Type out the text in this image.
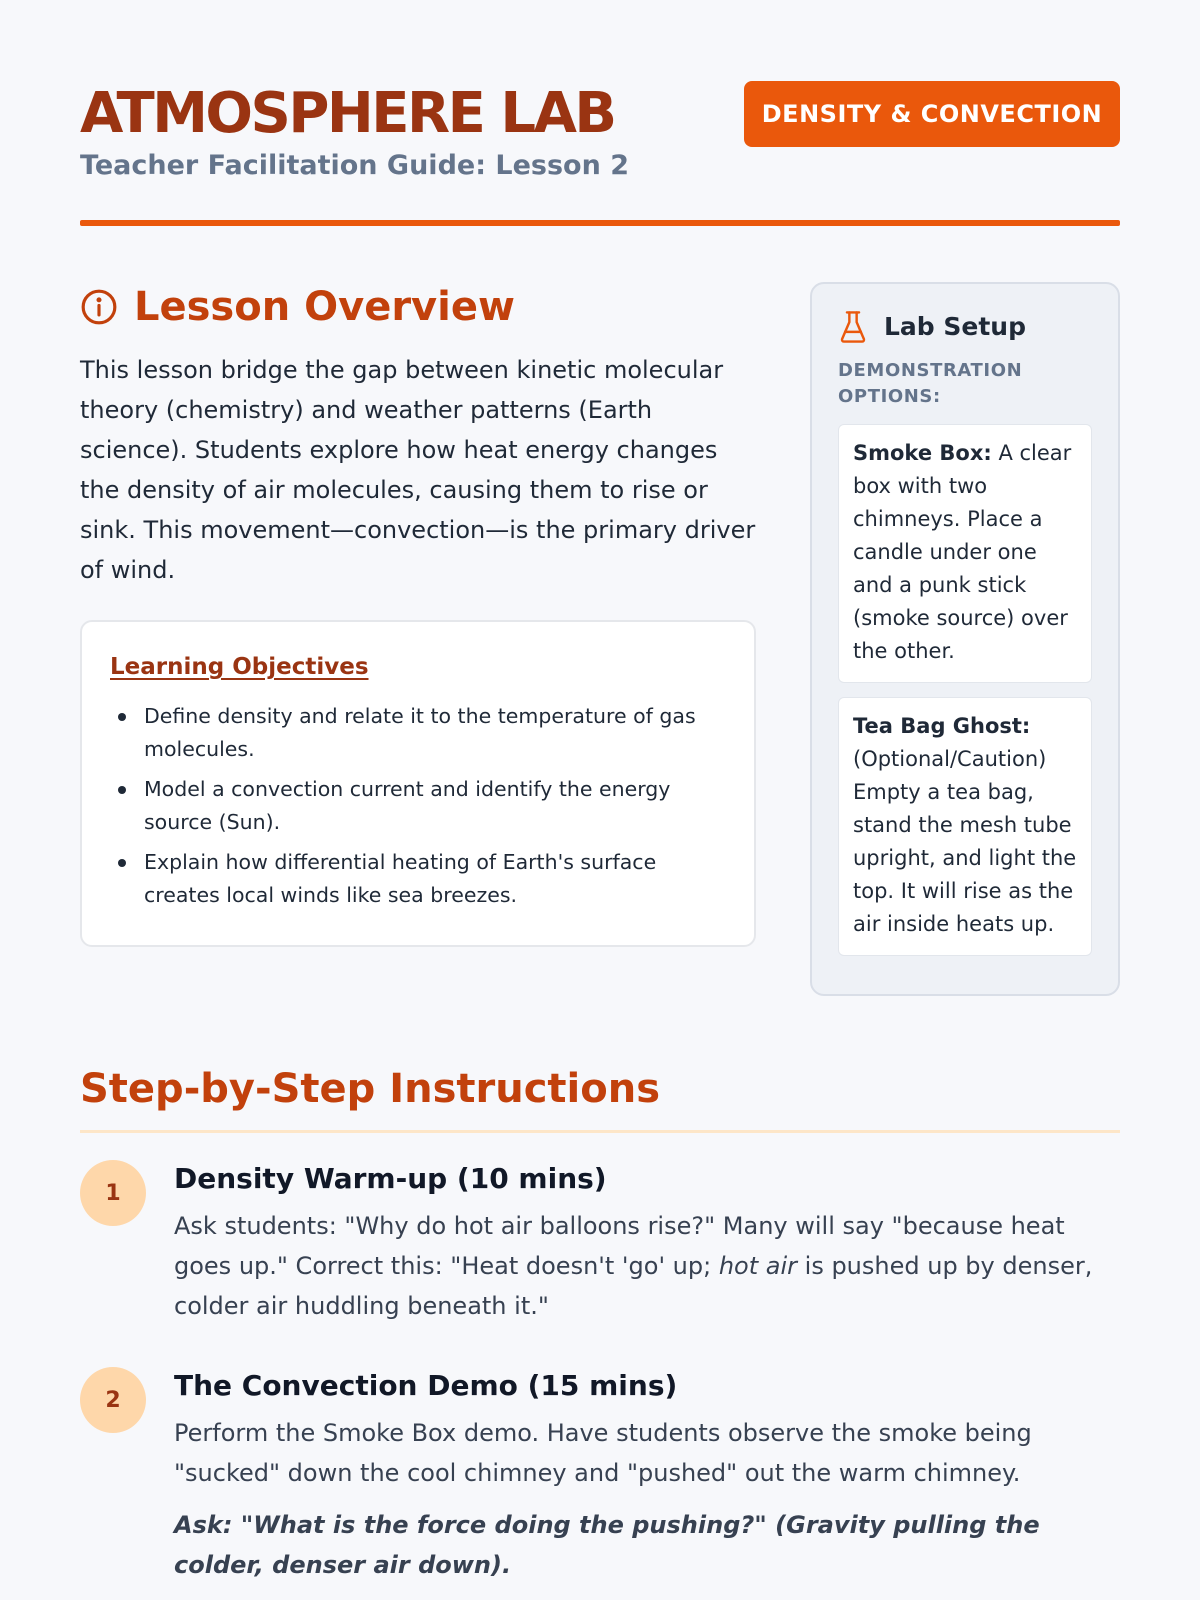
ATMOSPHERE LAB
Teacher Facilitation Guide: Lesson 2
DENSITY & CONVECTION
Lesson Overview

This lesson bridge the gap between kinetic molecular theory (chemistry) and weather patterns (Earth science). Students explore how heat energy changes the density of air molecules, causing them to rise or sink. This movement—convection—is the primary driver of wind.

Learning Objectives
Define density and relate it to the temperature of gas molecules.
Model a convection current and identify the energy source (Sun).
Explain how differential heating of Earth's surface creates local winds like sea breezes.
Lab Setup
DEMONSTRATION OPTIONS:
Smoke Box: A clear box with two chimneys. Place a candle under one and a punk stick (smoke source) over the other.
Tea Bag Ghost: (Optional/Caution) Empty a tea bag, stand the mesh tube upright, and light the top. It will rise as the air inside heats up.
Step-by-Step Instructions
1	Density Warm-up (10 mins)

Ask students: "Why do hot air balloons rise?" Many will say "because heat goes up." Correct this: "Heat doesn't 'go' up; hot air is pushed up by denser, colder air huddling beneath it."

2	The Convection Demo (15 mins)

Perform the Smoke Box demo. Have students observe the smoke being "sucked" down the cool chimney and "pushed" out the warm chimney.

Ask: "What is the force doing the pushing?" (Gravity pulling the colder, denser air down).
